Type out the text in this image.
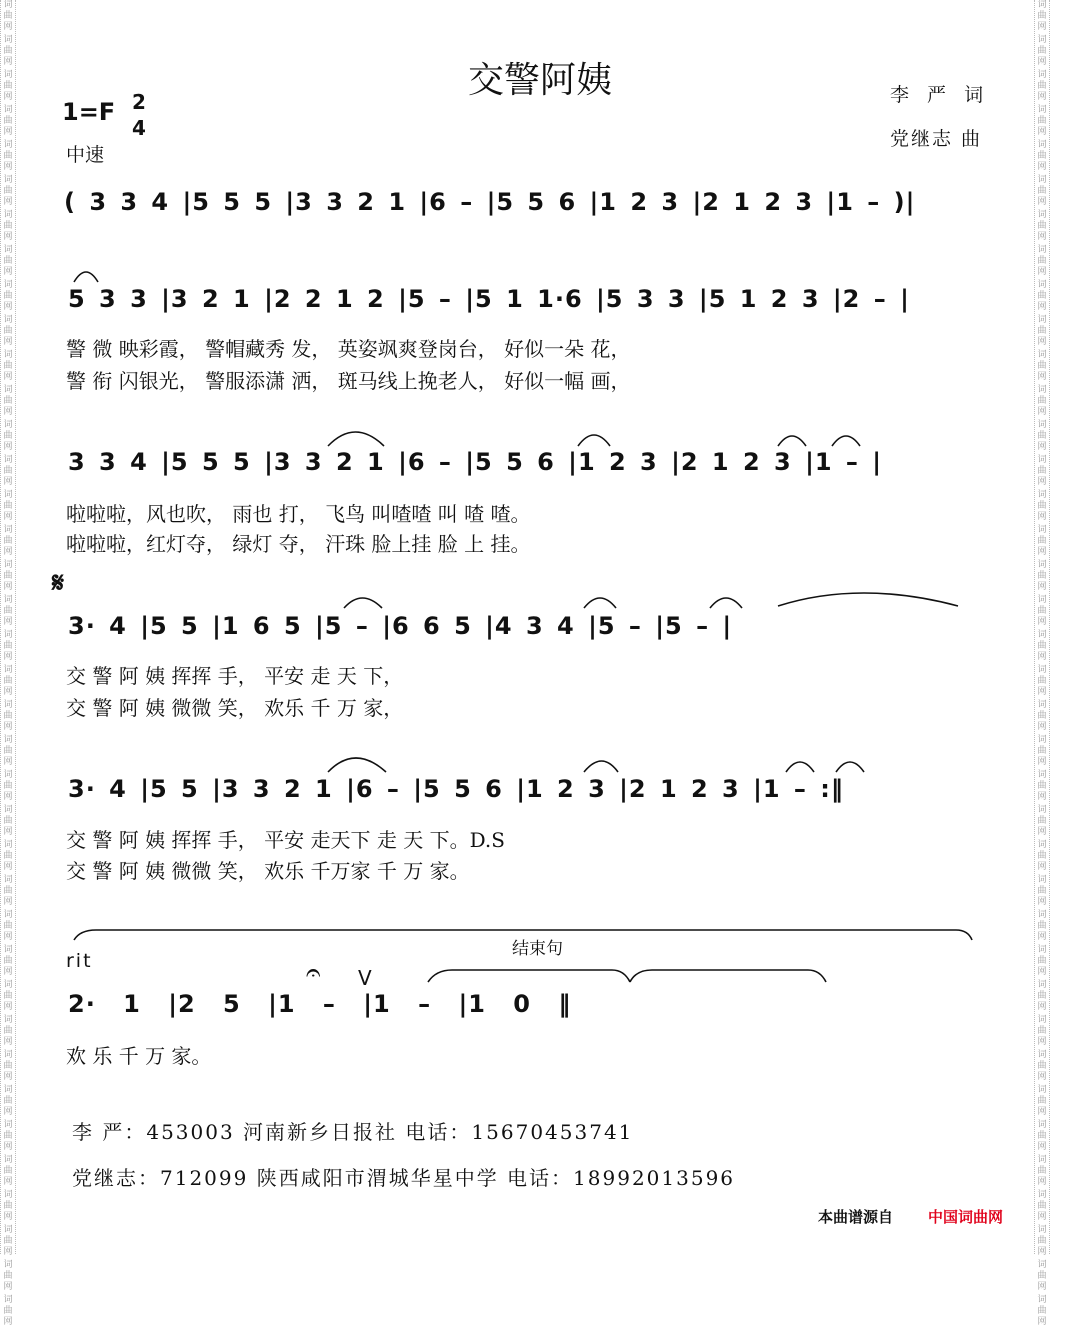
词
曲
网
词
曲
网
词
曲
网
词
曲
网
词
曲
网
词
曲
网
词
曲
网
词
曲
网
词
曲
网
词
曲
网
词
曲
网
词
曲
网
词
曲
网
词
曲
网
词
曲
网
词
曲
网
词
曲
网
词
曲
网
词
曲
网
词
曲
网
词
曲
网
词
曲
网
词
曲
网
词
曲
网
词
曲
网
词
曲
网
词
曲
网
词
曲
网
词
曲
网
词
曲
网
词
曲
网
词
曲
网
词
曲
网
词
曲
网
词
曲
网
词
曲
网
词
曲
网
词
曲
网
词
曲
网
词
曲
网
词
曲
网
词
曲
网
词
曲
网
词
曲
网
词
曲
网
词
曲
网
词
曲
网
词
曲
网
词
曲
网
词
曲
网
词
曲
网
词
曲
网
词
曲
网
词
曲
网
词
曲
网
词
曲
网
词
曲
网
词
曲
网
词
曲
网
词
曲
网
词
曲
网
词
曲
网
词
曲
网
词
曲
网
词
曲
网
词
曲
网
词
曲
网
词
曲
网
词
曲
网
词
曲
网
词
曲
网
词
曲
网
词
曲
网
词
曲
网
词
曲
网
词
曲
网
交警阿姨	李 严 词
党继志 曲
1=F 2
4
中速
( 3 3 4 |5 5 5 |3 3 2 1 |6 – |5 5 6 |1 2 3 |2 1 2 3 |1 – )|
5 3 3 |3 2 1 |2 2 1 2 |5 – |5 1 1·6 |5 3 3 |5 1 2 3 |2 – |
警 微 映彩霞， 警帽藏秀 发， 英姿飒爽登岗台， 好似一朵 花，
警 衔 闪银光， 警服添潇 洒， 斑马线上挽老人， 好似一幅 画，
3 3 4 |5 5 5 |3 3 2 1 |6 – |5 5 6 |1 2 3 |2 1 2 3 |1 – |
啦啦啦，风也吹， 雨也 打， 飞鸟 叫喳喳 叫 喳 喳。
啦啦啦，红灯夺， 绿灯 夺， 汗珠 脸上挂 脸 上 挂。
𝄋
3· 4 |5 5 |1 6 5 |5 – |6 6 5 |4 3 4 |5 – |5 – |
交 警 阿 姨 挥挥 手， 平安 走 天 下，
交 警 阿 姨 微微 笑， 欢乐 千 万 家，
3· 4 |5 5 |3 3 2 1 |6 – |5 5 6 |1 2 3 |2 1 2 3 |1 – :‖
交 警 阿 姨 挥挥 手， 平安 走天下 走 天 下。D.S
交 警 阿 姨 微微 笑， 欢乐 千万家 千 万 家。
结束句
rit	𝄐 V
2· 1 |2 5 |1 – |1 – |1 0 ‖
欢 乐 千 万 家。
李 严：453003 河南新乡日报社 电话：15670453741
党继志：712099 陕西咸阳市渭城华星中学 电话：18992013596
本曲谱源自 中国词曲网
